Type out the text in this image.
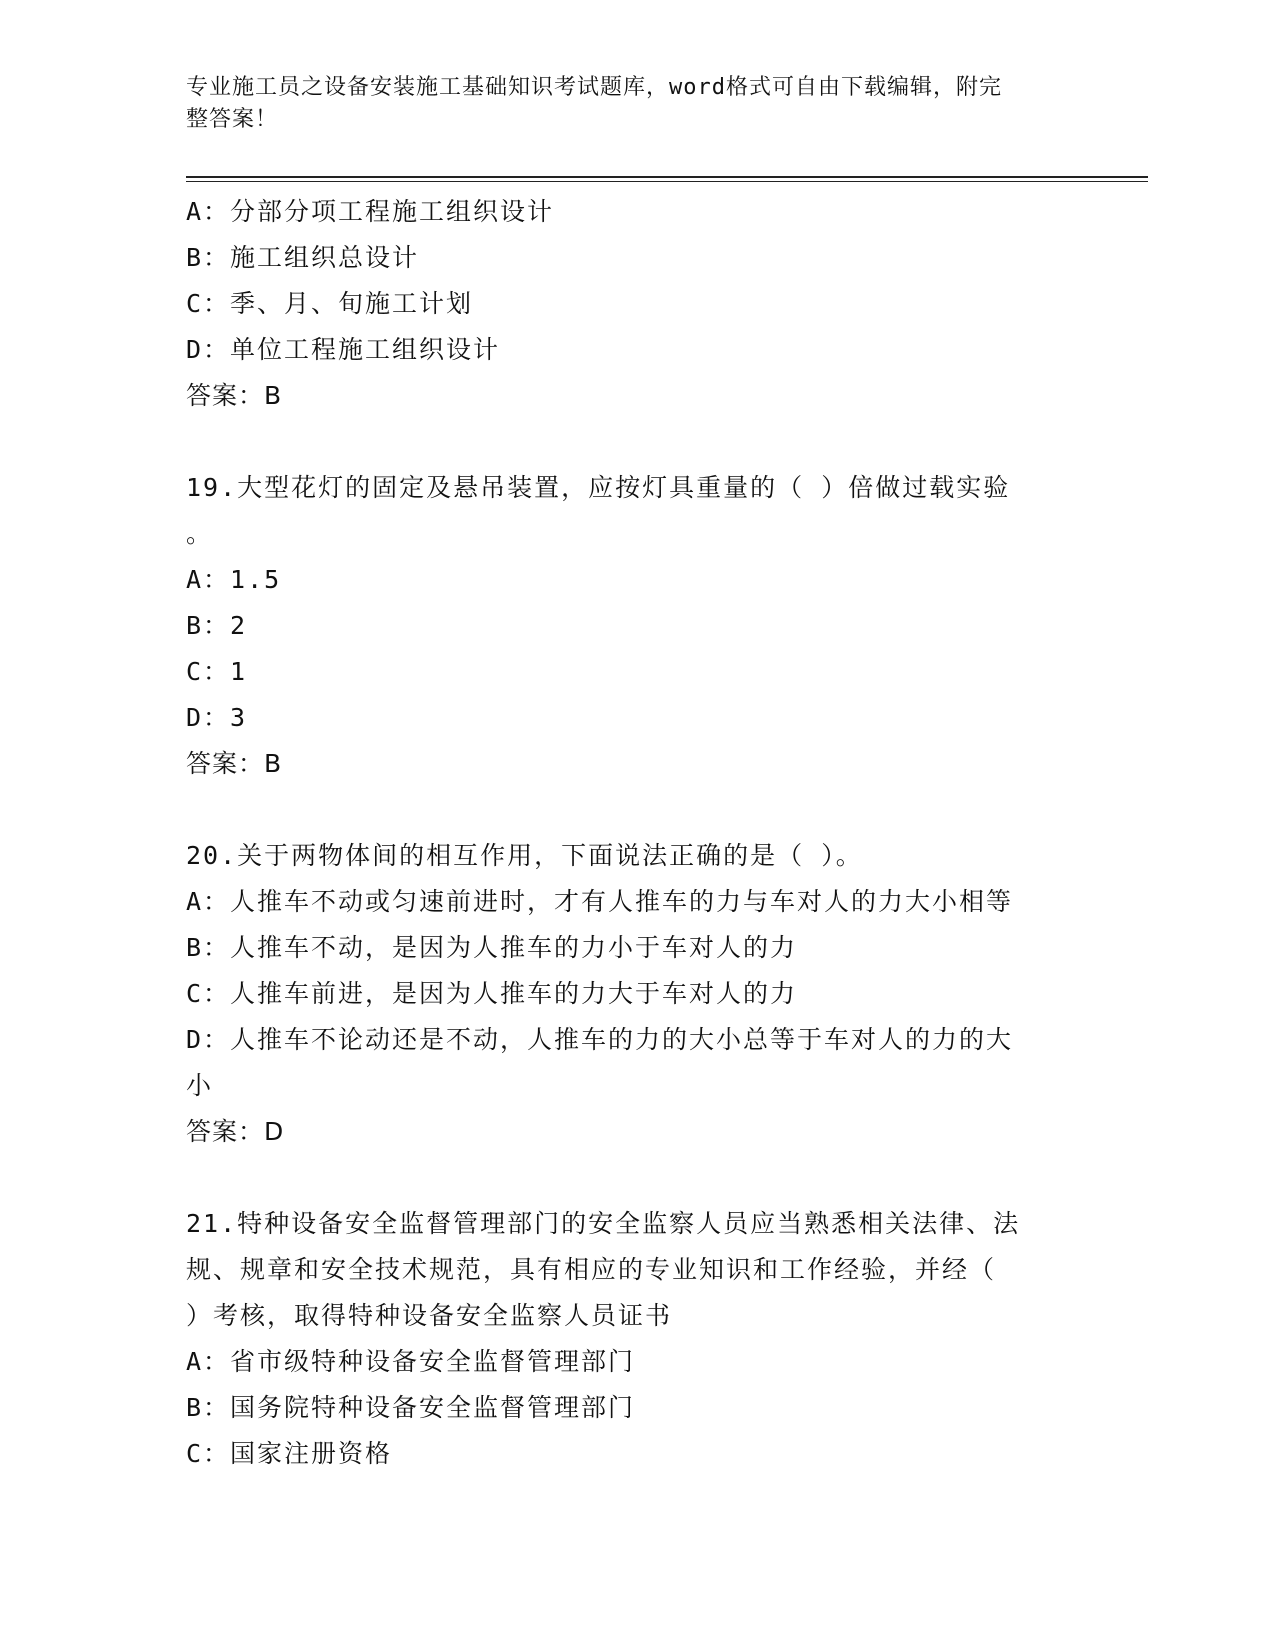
专业施工员之设备安装施工基础知识考试题库，word格式可自由下载编辑，附完
整答案！
A：分部分项工程施工组织设计
B：施工组织总设计
C：季、月、旬施工计划
D：单位工程施工组织设计
答案：B
19.大型花灯的固定及悬吊装置，应按灯具重量的（ ）倍做过载实验
。
A：1.5
B：2
C：1
D：3
答案：B
20.关于两物体间的相互作用，下面说法正确的是（ ）。
A：人推车不动或匀速前进时，才有人推车的力与车对人的力大小相等
B：人推车不动，是因为人推车的力小于车对人的力
C：人推车前进，是因为人推车的力大于车对人的力
D：人推车不论动还是不动，人推车的力的大小总等于车对人的力的大
小
答案：D
21.特种设备安全监督管理部门的安全监察人员应当熟悉相关法律、法
规、规章和安全技术规范，具有相应的专业知识和工作经验，并经（
）考核，取得特种设备安全监察人员证书
A：省市级特种设备安全监督管理部门
B：国务院特种设备安全监督管理部门
C：国家注册资格
